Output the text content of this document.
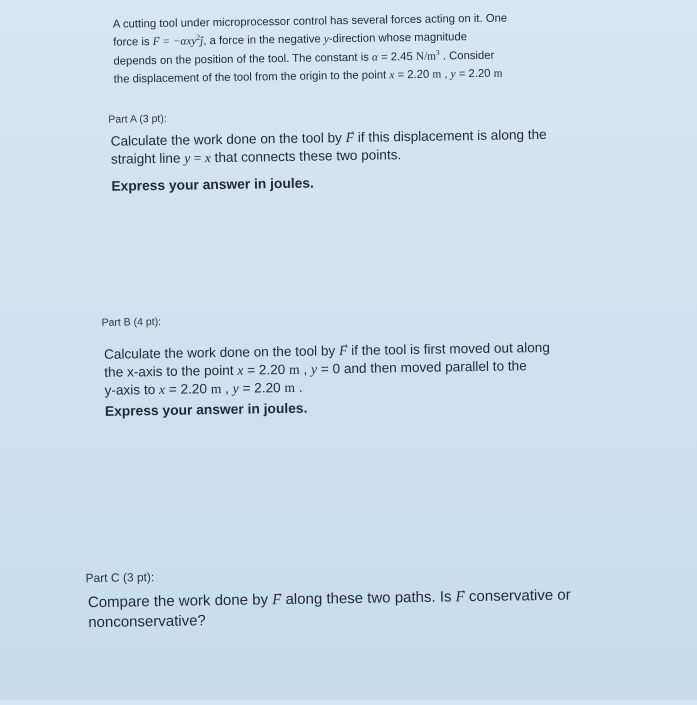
A cutting tool under microprocessor control has several forces acting on it. One
force is → F = −αxy$^2$ĵ, a force in the negative y-direction whose magnitude
depends on the position of the tool. The constant is α = 2.45 $N/m^3$ . Consider
the displacement of the tool from the origin to the point x = 2.20 m , y = 2.20 m
Part A (3 pt):
Calculate the work done on the tool by → F if this displacement is along the
straight line y = x that connects these two points.
Express your answer in joules.
Part B (4 pt):
Calculate the work done on the tool by → F if the tool is first moved out along
the x-axis to the point x = 2.20 m , y = 0 and then moved parallel to the
y-axis to x = 2.20 m , y = 2.20 m .
Express your answer in joules.
Part C (3 pt):
Compare the work done by → F along these two paths. Is → F conservative or
nonconservative?
